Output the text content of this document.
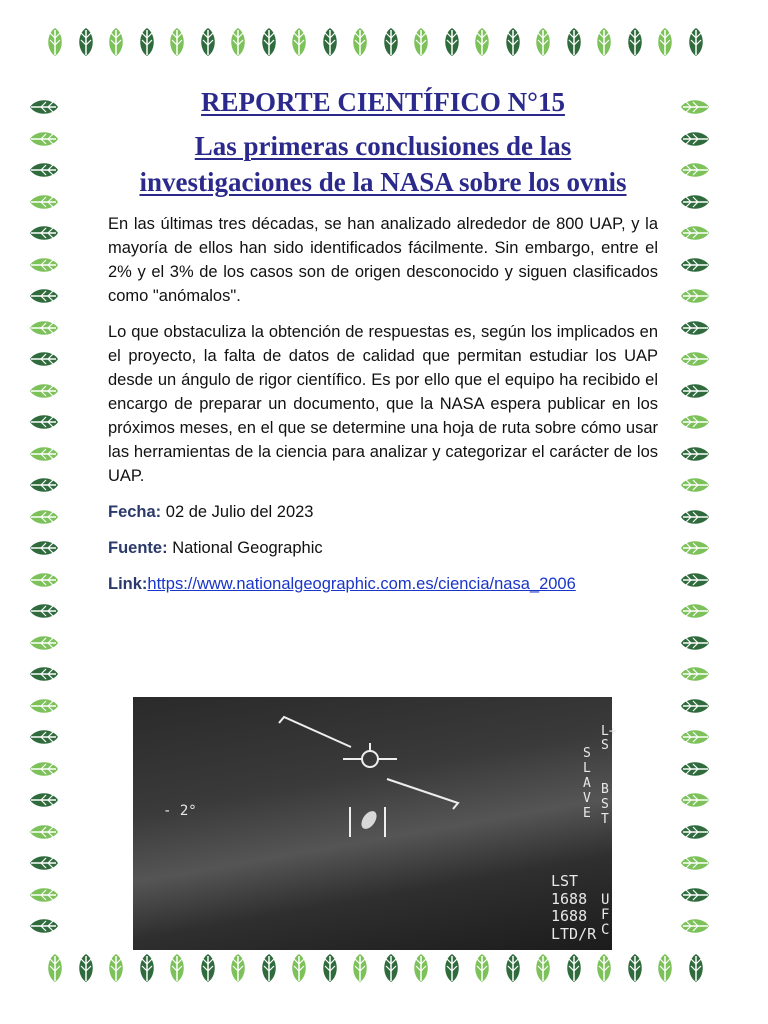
REPORTE CIENTÍFICO N°15
Las primeras conclusiones de las investigaciones de la NASA sobre los ovnis

En las últimas tres décadas, se han analizado alrededor de 800 UAP, y la mayoría de ellos han sido identificados fácilmente. Sin embargo, entre el 2% y el 3% de los casos son de origen desconocido y siguen clasificados como "anómalos".

Lo que obstaculiza la obtención de respuestas es, según los implicados en el proyecto, la falta de datos de calidad que permitan estudiar los UAP desde un ángulo de rigor científico. Es por ello que el equipo ha recibido el encargo de preparar un documento, que la NASA espera publicar en los próximos meses, en el que se determine una hoja de ruta sobre cómo usar las herramientas de la ciencia para analizar y categorizar el carácter de los UAP.

Fecha: 02 de Julio del 2023

Fuente: National Geographic

Link:https://www.nationalgeographic.com.es/ciencia/nasa_2006

- 2°
L+
S
S
L
A
V
E
B
S
T
LST
1688
1688
LTD/R
U
F
C
